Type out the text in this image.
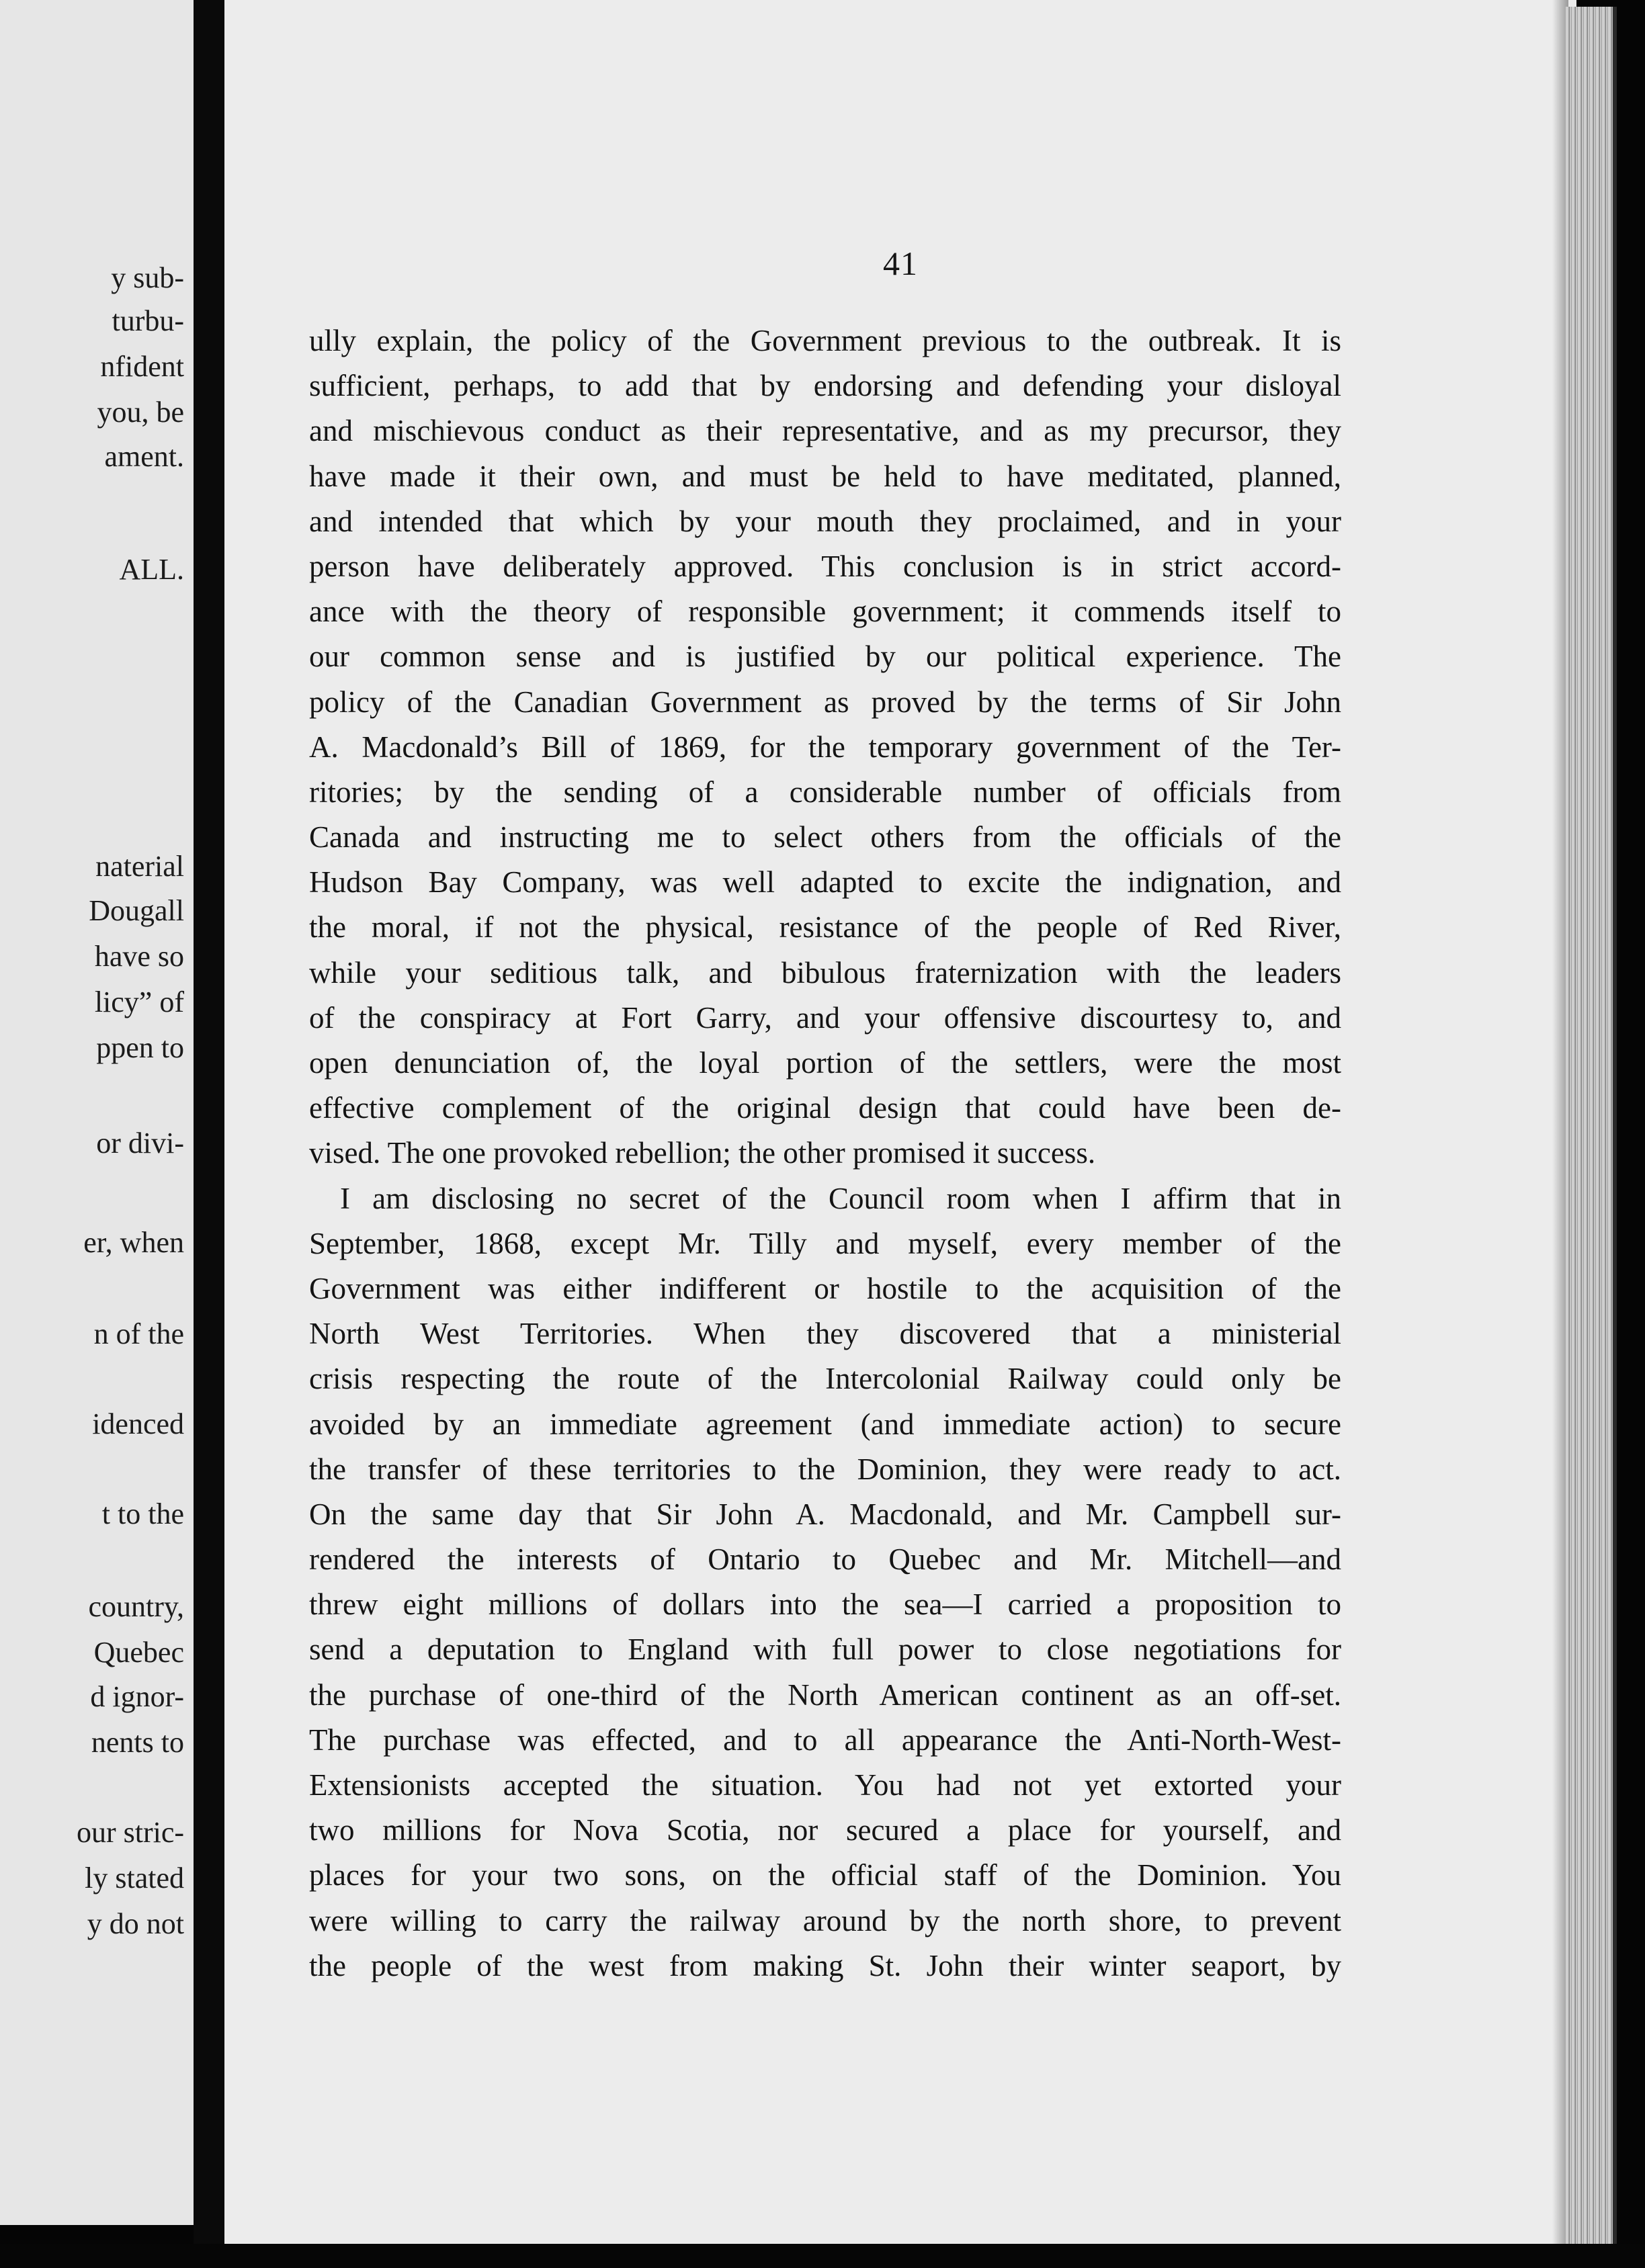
y sub-
turbu-
nfident
you, be
ament.
ALL.
naterial
Dougall
have so
licy” of
ppen to
or divi-
er, when
n of the
idenced
t to the
country,
Quebec
d ignor-
nents to
our stric-
ly stated
y do not
41
ully explain, the policy of the Government previous to the outbreak. It is
sufficient, perhaps, to add that by endorsing and defending your disloyal
and mischievous conduct as their representative, and as my precursor, they
have made it their own, and must be held to have meditated, planned,
and intended that which by your mouth they proclaimed, and in your
person have deliberately approved. This conclusion is in strict accord-
ance with the theory of responsible government; it commends itself to
our common sense and is justified by our political experience. The
policy of the Canadian Government as proved by the terms of Sir John
A. Macdonald’s Bill of 1869, for the temporary government of the Ter-
ritories; by the sending of a considerable number of officials from
Canada and instructing me to select others from the officials of the
Hudson Bay Company, was well adapted to excite the indignation, and
the moral, if not the physical, resistance of the people of Red River,
while your seditious talk, and bibulous fraternization with the leaders
of the conspiracy at Fort Garry, and your offensive discourtesy to, and
open denunciation of, the loyal portion of the settlers, were the most
effective complement of the original design that could have been de-
vised. The one provoked rebellion; the other promised it success.
I am disclosing no secret of the Council room when I affirm that in
September, 1868, except Mr. Tilly and myself, every member of the
Government was either indifferent or hostile to the acquisition of the
North West Territories. When they discovered that a ministerial
crisis respecting the route of the Intercolonial Railway could only be
avoided by an immediate agreement (and immediate action) to secure
the transfer of these territories to the Dominion, they were ready to act.
On the same day that Sir John A. Macdonald, and Mr. Campbell sur-
rendered the interests of Ontario to Quebec and Mr. Mitchell—and
threw eight millions of dollars into the sea—I carried a proposition to
send a deputation to England with full power to close negotiations for
the purchase of one-third of the North American continent as an off-set.
The purchase was effected, and to all appearance the Anti-North-West-
Extensionists accepted the situation. You had not yet extorted your
two millions for Nova Scotia, nor secured a place for yourself, and
places for your two sons, on the official staff of the Dominion. You
were willing to carry the railway around by the north shore, to prevent
the people of the west from making St. John their winter seaport, by
